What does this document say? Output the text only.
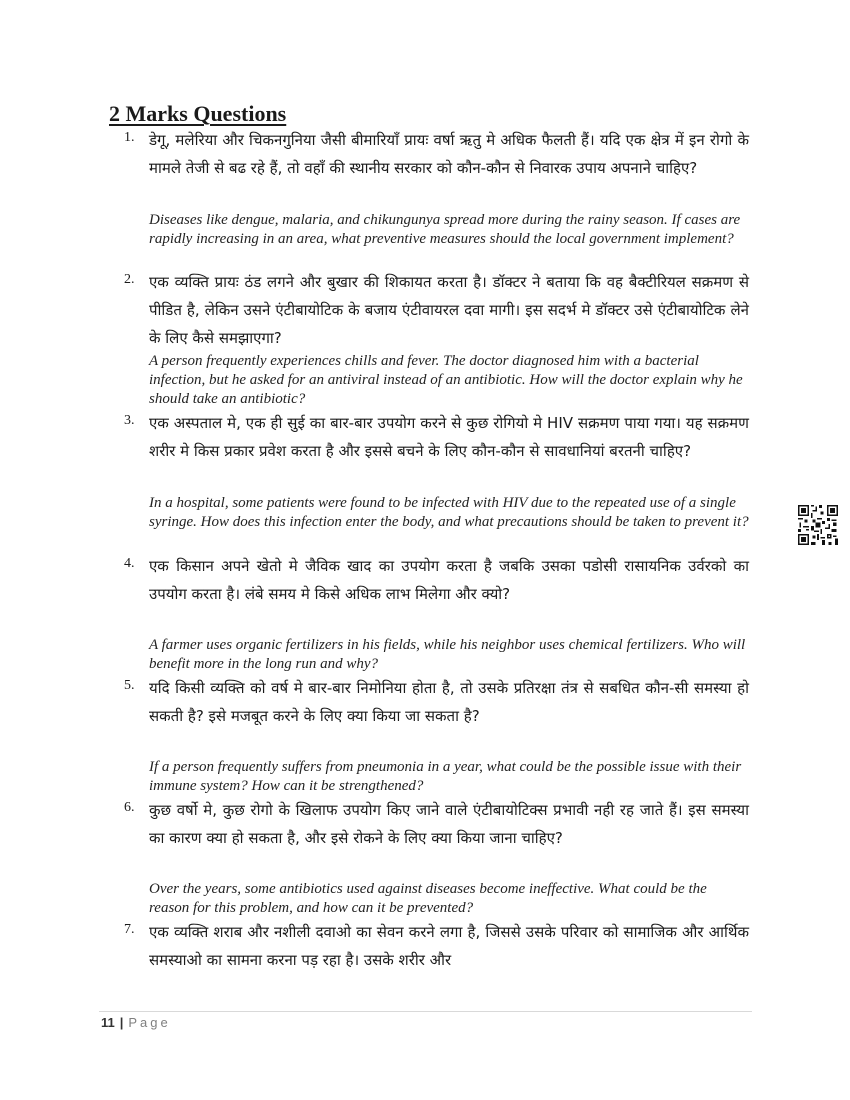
2 Marks Questions
1. डेगू, मलेरिया और चिकनगुनिया जैसी बीमारियाँ प्रायः वर्षा ऋतु मे अधिक फैलती हैं। यदि एक क्षेत्र में इन रोगो के मामले तेजी से बढ रहे हैं, तो वहाँ की स्थानीय सरकार को कौन-कौन से निवारक उपाय अपनाने चाहिए?

Diseases like dengue, malaria, and chikungunya spread more during the rainy season. If cases are rapidly increasing in an area, what preventive measures should the local government implement?

2. एक व्यक्ति प्रायः ठंड लगने और बुखार की शिकायत करता है। डॉक्टर ने बताया कि वह बैक्टीरियल सक्रमण से पीडित है, लेकिन उसने एंटीबायोटिक के बजाय एंटीवायरल दवा मागी। इस सदर्भ मे डॉक्टर उसे एंटीबायोटिक लेने के लिए कैसे समझाएगा?

A person frequently experiences chills and fever. The doctor diagnosed him with a bacterial infection, but he asked for an antiviral instead of an antibiotic. How will the doctor explain why he should take an antibiotic?

3. एक अस्पताल मे, एक ही सुई का बार-बार उपयोग करने से कुछ रोगियो मे HIV सक्रमण पाया गया। यह सक्रमण शरीर मे किस प्रकार प्रवेश करता है और इससे बचने के लिए कौन-कौन से सावधानियां बरतनी चाहिए?

In a hospital, some patients were found to be infected with HIV due to the repeated use of a single syringe. How does this infection enter the body, and what precautions should be taken to prevent it?

4. एक किसान अपने खेतो मे जैविक खाद का उपयोग करता है जबकि उसका पडोसी रासायनिक उर्वरको का उपयोग करता है। लंबे समय मे किसे अधिक लाभ मिलेगा और क्यो?

A farmer uses organic fertilizers in his fields, while his neighbor uses chemical fertilizers. Who will benefit more in the long run and why?

5. यदि किसी व्यक्ति को वर्ष मे बार-बार निमोनिया होता है, तो उसके प्रतिरक्षा तंत्र से सबधित कौन-सी समस्या हो सकती है? इसे मजबूत करने के लिए क्या किया जा सकता है?

If a person frequently suffers from pneumonia in a year, what could be the possible issue with their immune system? How can it be strengthened?

6. कुछ वर्षो मे, कुछ रोगो के खिलाफ उपयोग किए जाने वाले एंटीबायोटिक्स प्रभावी नही रह जाते हैं। इस समस्या का कारण क्या हो सकता है, और इसे रोकने के लिए क्या किया जाना चाहिए?

Over the years, some antibiotics used against diseases become ineffective. What could be the reason for this problem, and how can it be prevented?

7. एक व्यक्ति शराब और नशीली दवाओ का सेवन करने लगा है, जिससे उसके परिवार को सामाजिक और आर्थिक समस्याओ का सामना करना पड़ रहा है। उसके शरीर और

11 | Page
